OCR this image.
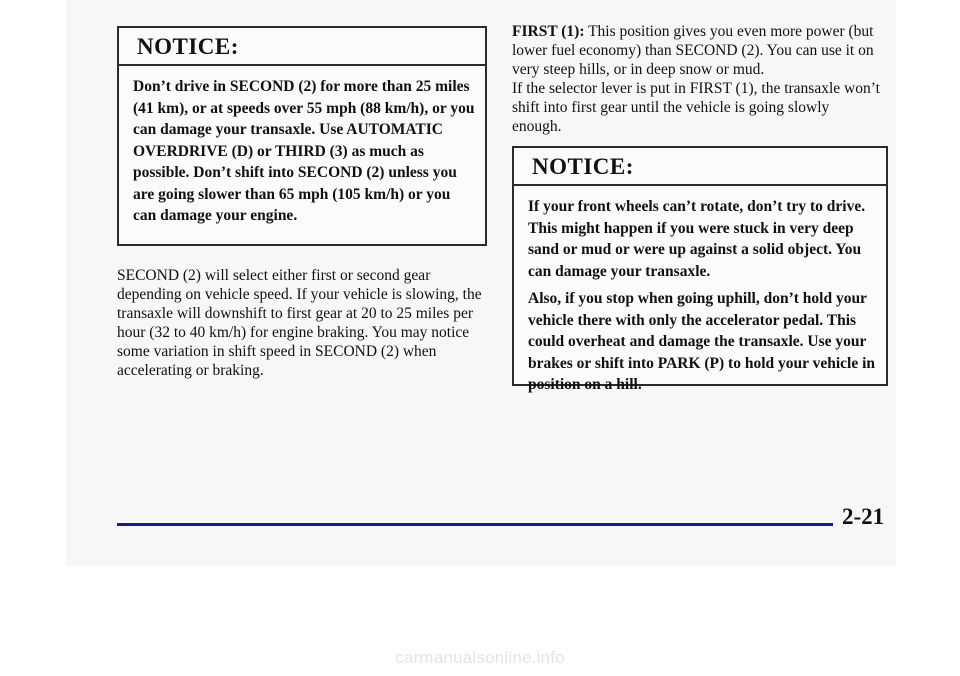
NOTICE:

Don’t drive in SECOND (2) for more than 25 miles (41 km), or at speeds over 55 mph (88 km/h), or you can damage your transaxle. Use AUTOMATIC OVERDRIVE (D) or THIRD (3) as much as possible. Don’t shift into SECOND (2) unless you are going slower than 65 mph (105 km/h) or you can damage your engine.

SECOND (2) will select either first or second gear depending on vehicle speed. If your vehicle is slowing, the transaxle will downshift to first gear at 20 to 25 miles per hour (32 to 40 km/h) for engine braking. You may notice some variation in shift speed in SECOND (2) when accelerating or braking.

FIRST (1): This position gives you even more power (but lower fuel economy) than SECOND (2). You can use it on very steep hills, or in deep snow or mud.

If the selector lever is put in FIRST (1), the transaxle won’t shift into first gear until the vehicle is going slowly enough.

NOTICE:

If your front wheels can’t rotate, don’t try to drive. This might happen if you were stuck in very deep sand or mud or were up against a solid object. You can damage your transaxle.

Also, if you stop when going uphill, don’t hold your vehicle there with only the accelerator pedal. This could overheat and damage the transaxle. Use your brakes or shift into PARK (P) to hold your vehicle in position on a hill.

2-21
carmanualsonline.info
